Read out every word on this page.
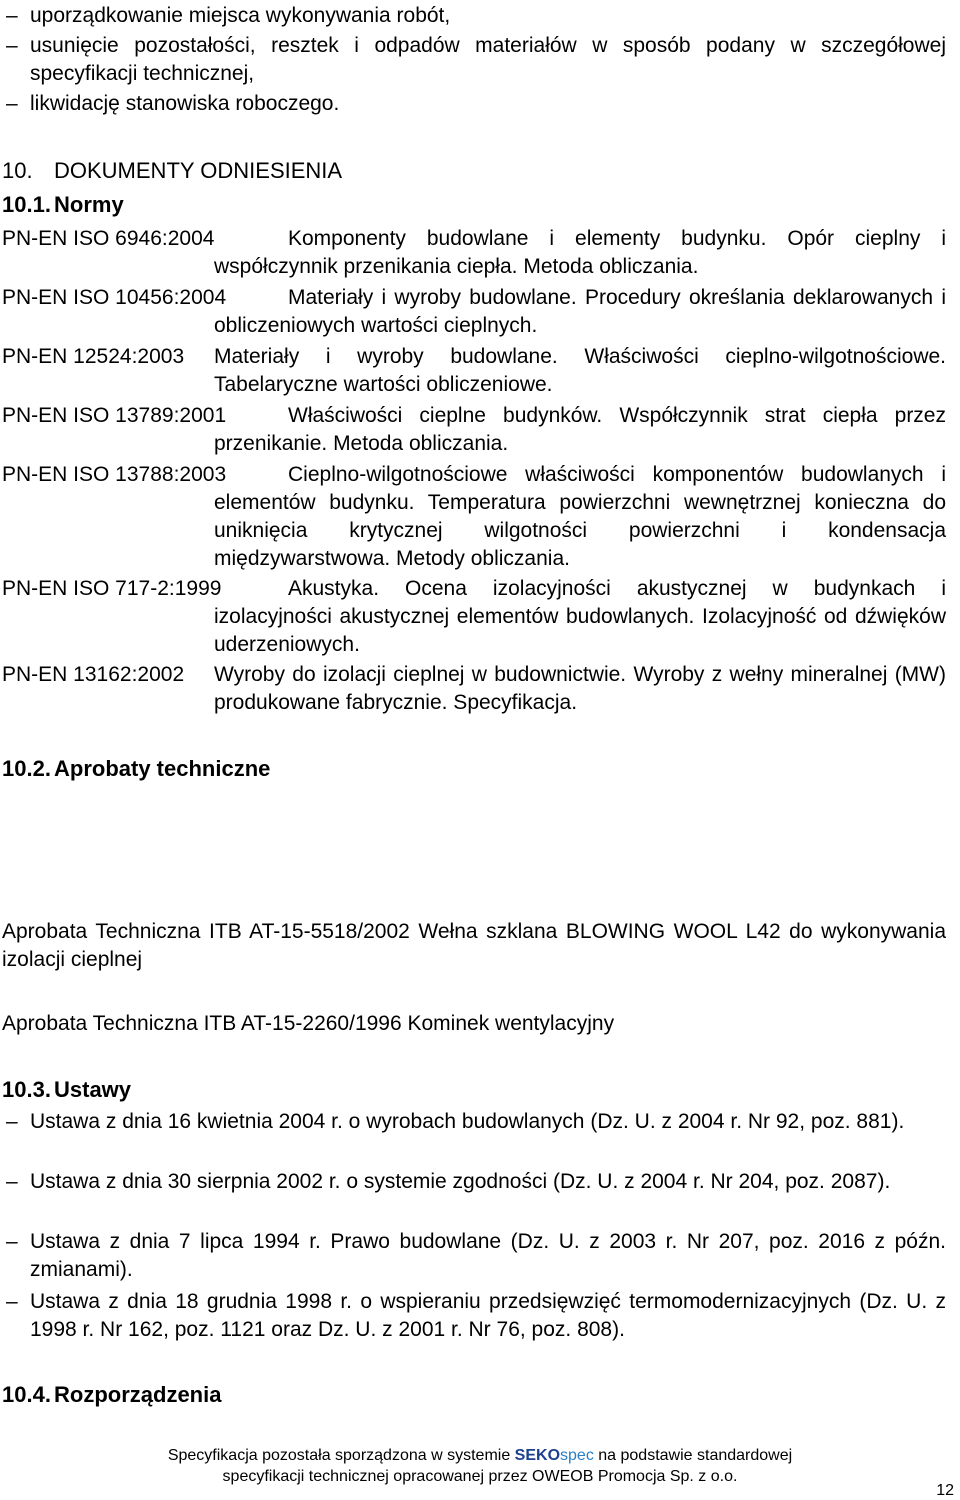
– uporządkowanie miejsca wykonywania robót,
– usunięcie pozostałości, resztek i odpadów materiałów w sposób podany w szczegółowej specyfikacji technicznej,
– likwidację stanowiska roboczego.
10. DOKUMENTY ODNIESIENIA
10.1. Normy
PN-EN ISO 6946:2004	Komponenty budowlane i elementy budynku. Opór cieplny i współczynnik przenikania ciepła. Metoda obliczania.
PN-EN ISO 10456:2004	Materiały i wyroby budowlane. Procedury określania deklarowanych i obliczeniowych wartości cieplnych.
PN-EN 12524:2003 Materiały i wyroby budowlane. Właściwości cieplno-wilgotnościowe. Tabelaryczne wartości obliczeniowe.
PN-EN ISO 13789:2001	Właściwości cieplne budynków. Współczynnik strat ciepła przez przenikanie. Metoda obliczania.
PN-EN ISO 13788:2003	Cieplno-wilgotnościowe właściwości komponentów budowlanych i elementów budynku. Temperatura powierzchni wewnętrznej konieczna do uniknięcia krytycznej wilgotności powierzchni i kondensacja międzywarstwowa. Metody obliczania.
PN-EN ISO 717-2:1999	Akustyka. Ocena izolacyjności akustycznej w budynkach i izolacyjności akustycznej elementów budowlanych. Izolacyjność od dźwięków uderzeniowych.
PN-EN 13162:2002 Wyroby do izolacji cieplnej w budownictwie. Wyroby z wełny mineralnej (MW) produkowane fabrycznie. Specyfikacja.
10.2. Aprobaty techniczne
Aprobata Techniczna ITB AT-15-5518/2002 Wełna szklana BLOWING WOOL L42 do wykonywania izolacji cieplnej
Aprobata Techniczna ITB AT-15-2260/1996 Kominek wentylacyjny
10.3. Ustawy
– Ustawa z dnia 16 kwietnia 2004 r. o wyrobach budowlanych (Dz. U. z 2004 r. Nr 92, poz. 881).
– Ustawa z dnia 30 sierpnia 2002 r. o systemie zgodności (Dz. U. z 2004 r. Nr 204, poz. 2087).
– Ustawa z dnia 7 lipca 1994 r. Prawo budowlane (Dz. U. z 2003 r. Nr 207, poz. 2016 z późn. zmianami).
– Ustawa z dnia 18 grudnia 1998 r. o wspieraniu przedsięwzięć termomodernizacyjnych (Dz. U. z 1998 r. Nr 162, poz. 1121 oraz Dz. U. z 2001 r. Nr 76, poz. 808).
10.4. Rozporządzenia
Specyfikacja pozostała sporządzona w systemie SEKOspec na podstawie standardowej
specyfikacji technicznej opracowanej przez OWEOB Promocja Sp. z o.o.
12
